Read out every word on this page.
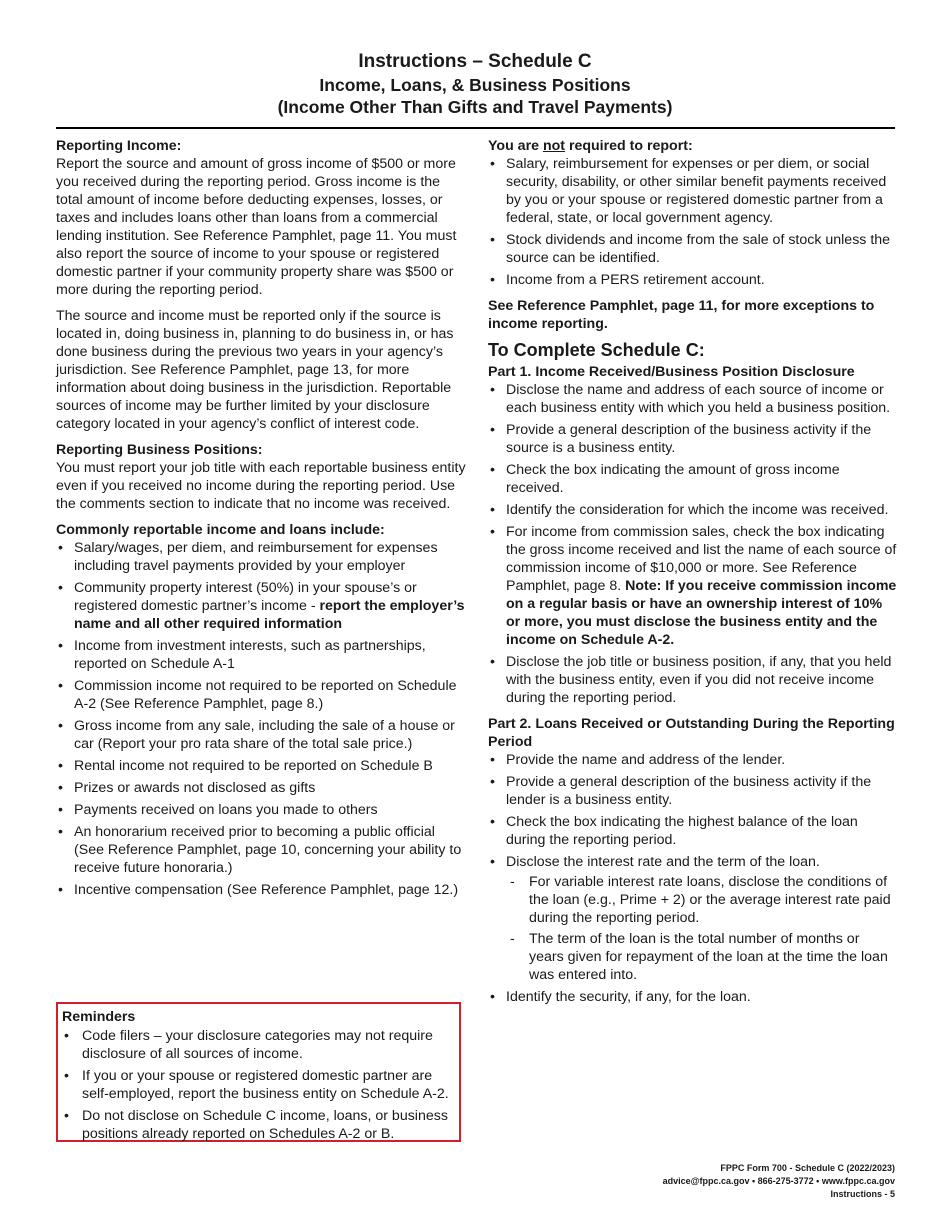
Instructions – Schedule C
Income, Loans, & Business Positions
(Income Other Than Gifts and Travel Payments)
Reporting Income:

Report the source and amount of gross income of $500 or more you received during the reporting period. Gross income is the total amount of income before deducting expenses, losses, or taxes and includes loans other than loans from a commercial lending institution. See Reference Pamphlet, page 11. You must also report the source of income to your spouse or registered domestic partner if your community property share was $500 or more during the reporting period.

The source and income must be reported only if the source is located in, doing business in, planning to do business in, or has done business during the previous two years in your agency’s jurisdiction. See Reference Pamphlet, page 13, for more information about doing business in the jurisdiction. Reportable sources of income may be further limited by your disclosure category located in your agency’s conflict of interest code.

Reporting Business Positions:

You must report your job title with each reportable business entity even if you received no income during the reporting period. Use the comments section to indicate that no income was received.

Commonly reportable income and loans include:
• Salary/wages, per diem, and reimbursement for expenses including travel payments provided by your employer
• Community property interest (50%) in your spouse’s or registered domestic partner’s income - report the employer’s name and all other required information
• Income from investment interests, such as partnerships, reported on Schedule A-1
• Commission income not required to be reported on Schedule A-2 (See Reference Pamphlet, page 8.)
• Gross income from any sale, including the sale of a house or car (Report your pro rata share of the total sale price.)
• Rental income not required to be reported on Schedule B
• Prizes or awards not disclosed as gifts
• Payments received on loans you made to others
• An honorarium received prior to becoming a public official (See Reference Pamphlet, page 10, concerning your ability to receive future honoraria.)
• Incentive compensation (See Reference Pamphlet, page 12.)
Reminders
• Code filers – your disclosure categories may not require disclosure of all sources of income.
• If you or your spouse or registered domestic partner are self-employed, report the business entity on Schedule A-2.
• Do not disclose on Schedule C income, loans, or business positions already reported on Schedules A-2 or B.
You are not required to report:
• Salary, reimbursement for expenses or per diem, or social security, disability, or other similar benefit payments received by you or your spouse or registered domestic partner from a federal, state, or local government agency.
• Stock dividends and income from the sale of stock unless the source can be identified.
• Income from a PERS retirement account.

See Reference Pamphlet, page 11, for more exceptions to income reporting.

To Complete Schedule C:
Part 1. Income Received/Business Position Disclosure
• Disclose the name and address of each source of income or each business entity with which you held a business position.
• Provide a general description of the business activity if the source is a business entity.
• Check the box indicating the amount of gross income received.
• Identify the consideration for which the income was received.
• For income from commission sales, check the box indicating the gross income received and list the name of each source of commission income of $10,000 or more. See Reference Pamphlet, page 8. Note: If you receive commission income on a regular basis or have an ownership interest of 10% or more, you must disclose the business entity and the income on Schedule A-2.
• Disclose the job title or business position, if any, that you held with the business entity, even if you did not receive income during the reporting period.
Part 2. Loans Received or Outstanding During the Reporting Period
• Provide the name and address of the lender.
• Provide a general description of the business activity if the lender is a business entity.
• Check the box indicating the highest balance of the loan during the reporting period.
• Disclose the interest rate and the term of the loan.
- For variable interest rate loans, disclose the conditions of the loan (e.g., Prime + 2) or the average interest rate paid during the reporting period.
- The term of the loan is the total number of months or years given for repayment of the loan at the time the loan was entered into.
• Identify the security, if any, for the loan.
FPPC Form 700 - Schedule C (2022/2023)
advice@fppc.ca.gov • 866-275-3772 • www.fppc.ca.gov
Instructions - 5
